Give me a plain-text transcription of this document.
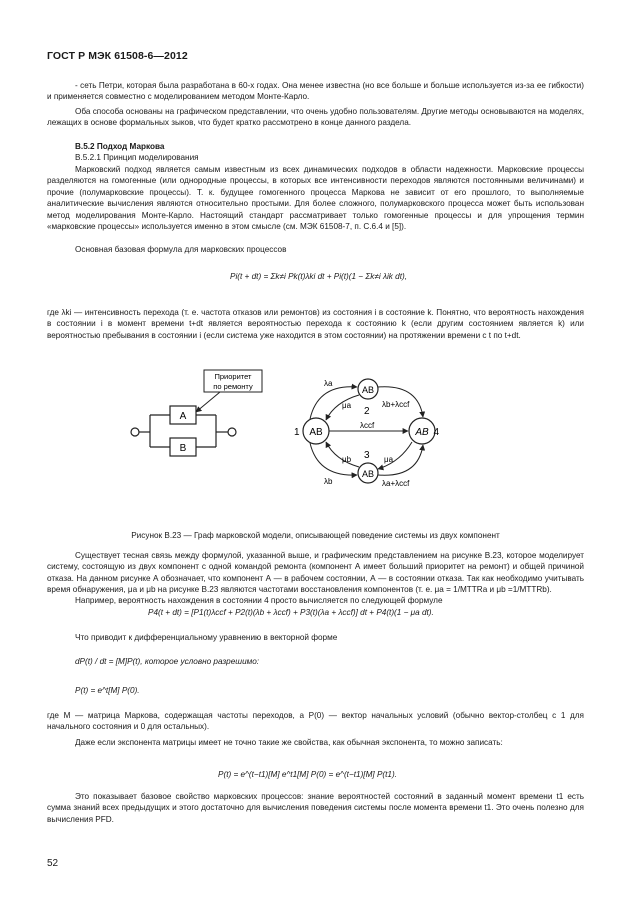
ГОСТ Р МЭК 61508-6—2012

- сеть Петри, которая была разработана в 60-х годах. Она менее известна (но все больше и больше используется из-за ее гибкости) и применяется совместно с моделированием методом Монте-Карло.

Оба способа основаны на графическом представлении, что очень удобно пользователям. Другие методы основываются на моделях, лежащих в основе формальных зыков, что будет кратко рассмотрено в конце данного раздела.

В.5.2 Подход Маркова

В.5.2.1 Принцип моделирования

Марковский подход является самым известным из всех динамических подходов в области надежности. Марковские процессы разделяются на гомогенные (или однородные процессы, в которых все интенсивности переходов являются постоянными величинами) и прочие (полумарковские процессы). Т. к. будущее гомогенного процесса Маркова не зависит от его прошлого, то выполняемые аналитические вычисления являются относительно простыми. Для более сложного, полумарковского процесса может быть использован метод моделирования Монте-Карло. Настоящий стандарт рассматривает только гомогенные процессы и для упрощения термин «марковские процессы» используется именно в этом смысле (см. МЭК 61508-7, п. С.6.4 и [5]).

Основная базовая формула для марковских процессов

Pi(t + dt) = Σk≠i Pk(t)λki dt + Pi(t)(1 − Σk≠i λik dt),

где λki — интенсивность перехода (т. е. частота отказов или ремонтов) из состояния i в состояние k. Понятно, что вероятность нахождения в состоянии i в момент времени t+dt является вероятностью перехода к состоянию k (если другим состоянием является k) или вероятностью пребывания в состоянии i (если система уже находится в этом состоянии) на протяжении времени с t по t+dt.

A
B
Приоритет
по ремонту
AB
AB
AB
AB
1
2
3
4
λa
μa	λb+λccf
λccf
μb	μa
λb	λa+λccf
Рисунок В.23 — Граф марковской модели, описывающей поведение системы из двух компонент

Существует тесная связь между формулой, указанной выше, и графическим представлением на рисунке В.23, которое моделирует систему, состоящую из двух компонент с одной командой ремонта (компонент А имеет больший приоритет на ремонт) и общей причиной отказа. На данном рисунке А обозначает, что компонент А — в рабочем состоянии, А — в состоянии отказа. Так как необходимо учитывать время обнаружения, μa и μb на рисунке В.23 являются частотами восстановления компонентов (т. е. μa = 1/MTTRa и μb =1/MTTRb).

Например, вероятность нахождения в состоянии 4 просто вычисляется по следующей формуле

P4(t + dt) = [P1(t)λccf + P2(t)(λb + λccf) + P3(t)(λa + λccf)] dt + P4(t)(1 − μa dt).

Что приводит к дифференциальному уравнению в векторной форме

dP(t) / dt = [M]P(t), которое условно разрешимо:
P(t) = e^t[M] P(0).

где M — матрица Маркова, содержащая частоты переходов, а P(0) — вектор начальных условий (обычно вектор-столбец с 1 для начального состояния и 0 для остальных).

Даже если экспонента матрицы имеет не точно такие же свойства, как обычная экспонента, то можно записать:

P(t) = e^(t−t1)[M] e^t1[M] P(0) = e^(t−t1)[M] P(t1).

Это показывает базовое свойство марковских процессов: знание вероятностей состояний в заданный момент времени t1 есть сумма знаний всех предыдущих и этого достаточно для вычисления поведения системы после момента времени t1. Это очень полезно для вычисления PFD.

52
